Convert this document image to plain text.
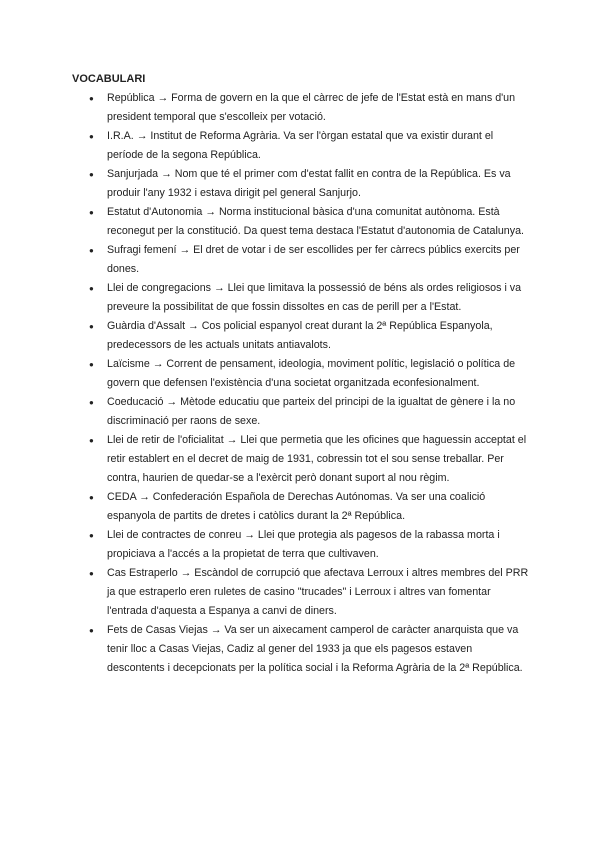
VOCABULARI
● República → Forma de govern en la que el càrrec de jefe de l'Estat està en mans d'un president temporal que s'escolleix per votació.
● I.R.A. → Institut de Reforma Agrària. Va ser l'òrgan estatal que va existir durant el període de la segona República.
● Sanjurjada → Nom que té el primer com d'estat fallit en contra de la República. Es va produir l'any 1932 i estava dirigit pel general Sanjurjo.
● Estatut d'Autonomia → Norma institucional bàsica d'una comunitat autònoma. Està reconegut per la constitució. Da quest tema destaca l'Estatut d'autonomia de Catalunya.
● Sufragi femení → El dret de votar i de ser escollides per fer càrrecs públics exercits per dones.
● Llei de congregacions → Llei que limitava la possessió de béns als ordes religiosos i va preveure la possibilitat de que fossin dissoltes en cas de perill per a l'Estat.
● Guàrdia d'Assalt → Cos policial espanyol creat durant la 2ª República Espanyola, predecessors de les actuals unitats antiavalots.
● Laïcisme → Corrent de pensament, ideologia, moviment polític, legislació o política de govern que defensen l'existència d'una societat organitzada econfesionalment.
● Coeducació → Mètode educatiu que parteix del principi de la igualtat de gènere i la no discriminació per raons de sexe.
● Llei de retir de l'oficialitat → Llei que permetia que les oficines que haguessin acceptat el retir establert en el decret de maig de 1931, cobressin tot el sou sense treballar. Per contra, haurien de quedar-se a l'exèrcit però donant suport al nou règim.
● CEDA → Confederación Española de Derechas Autónomas. Va ser una coalició espanyola de partits de dretes i catòlics durant la 2ª República.
● Llei de contractes de conreu → Llei que protegia als pagesos de la rabassa morta i propiciava a l'accés a la propietat de terra que cultivaven.
● Cas Estraperlo → Escàndol de corrupció que afectava Lerroux i altres membres del PRR ja que estraperlo eren ruletes de casino "trucades" i Lerroux i altres van fomentar l'entrada d'aquesta a Espanya a canvi de diners.
● Fets de Casas Viejas → Va ser un aixecament camperol de caràcter anarquista que va tenir lloc a Casas Viejas, Cadiz al gener del 1933 ja que els pagesos estaven descontents i decepcionats per la política social i la Reforma Agrària de la 2ª República.
